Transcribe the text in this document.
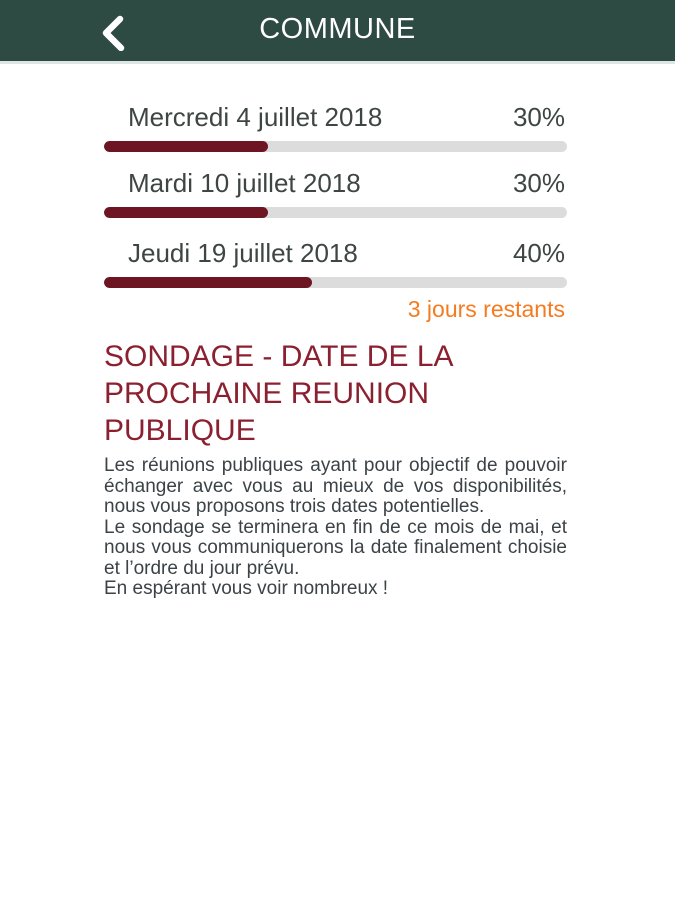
COMMUNE
Mercredi 4 juillet 2018	30%
Mardi 10 juillet 2018	30%
Jeudi 19 juillet 2018	40%
3 jours restants
SONDAGE - DATE DE LA PROCHAINE REUNION PUBLIQUE

Les réunions publiques ayant pour objectif de pouvoir échanger avec vous au mieux de vos disponibilités, nous vous proposons trois dates potentielles.

Le sondage se terminera en fin de ce mois de mai, et nous vous communiquerons la date finalement choisie et l’ordre du jour prévu.

En espérant vous voir nombreux !
